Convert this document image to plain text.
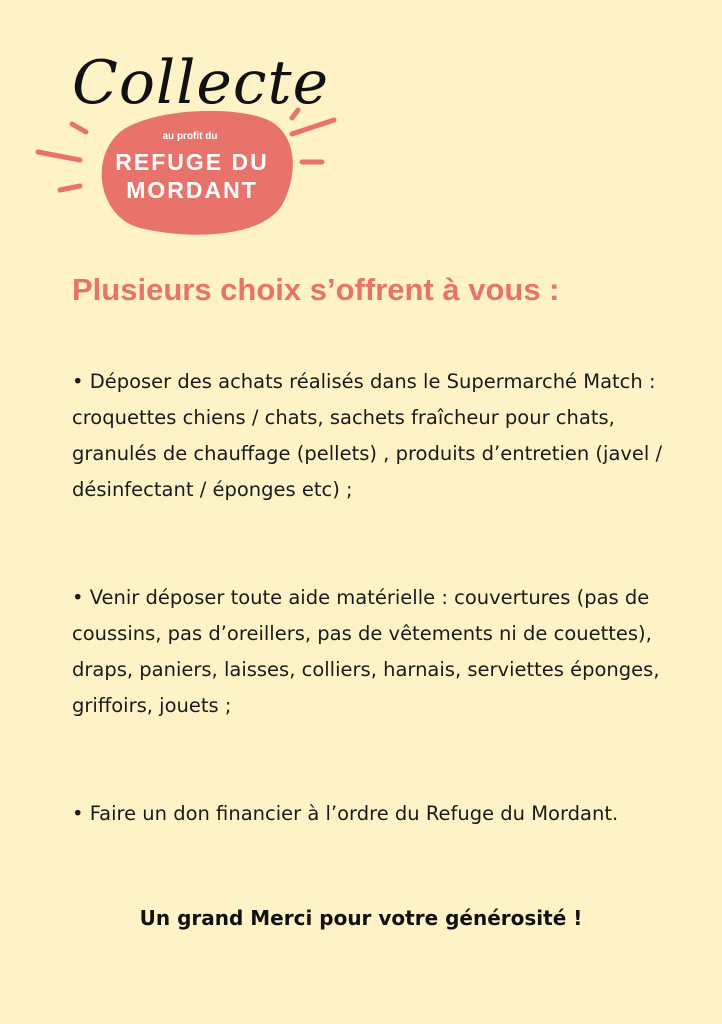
Collecte
au profit du
REFUGE DU
MORDANT
Plusieurs choix s’offrent à vous :

• Déposer des achats réalisés dans le Supermarché Match : croquettes chiens / chats, sachets fraîcheur pour chats, granulés de chauffage (pellets) , produits d’entretien (javel / désinfectant / éponges etc) ;

• Venir déposer toute aide matérielle : couvertures (pas de coussins, pas d’oreillers, pas de vêtements ni de couettes), draps, paniers, laisses, colliers, harnais, serviettes éponges, griffoirs, jouets ;

• Faire un don financier à l’ordre du Refuge du Mordant.

Un grand Merci pour votre générosité !
